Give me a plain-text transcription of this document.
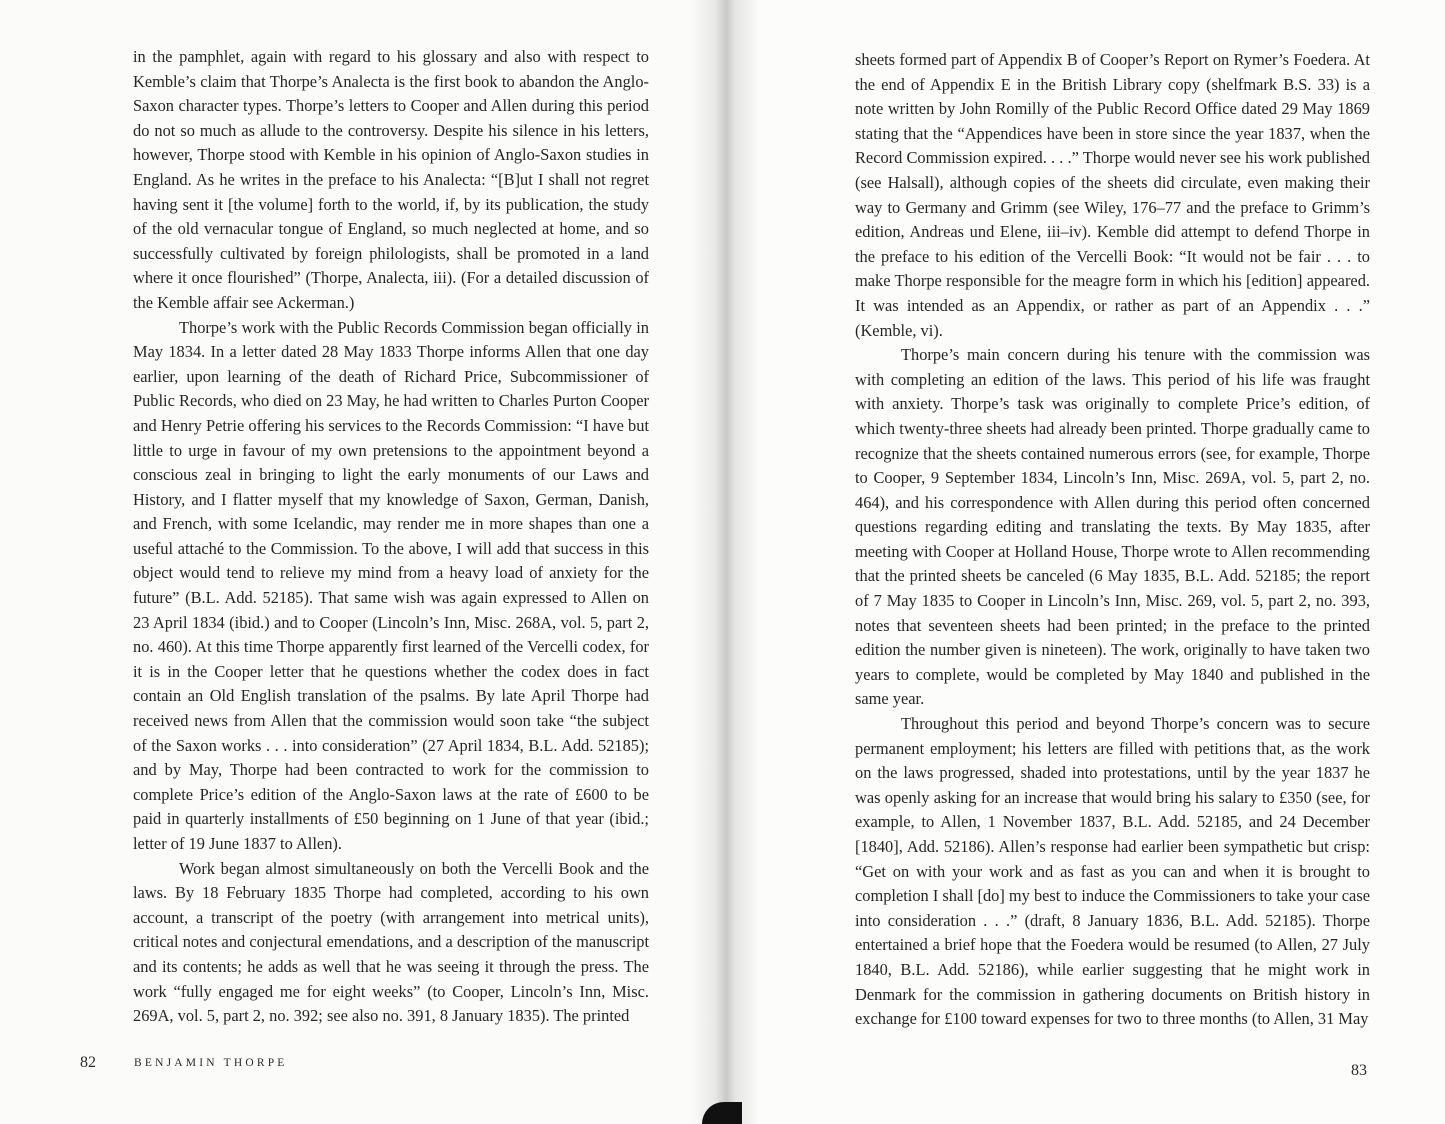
in the pamphlet, again with regard to his glossary and also with respect to Kemble’s claim that Thorpe’s Analecta is the first book to abandon the Anglo-Saxon character types. Thorpe’s letters to Cooper and Allen during this period do not so much as allude to the controversy. Despite his silence in his letters, however, Thorpe stood with Kemble in his opinion of Anglo-Saxon studies in England. As he writes in the preface to his Analecta: “[B]ut I shall not regret having sent it [the volume] forth to the world, if, by its publication, the study of the old vernacular tongue of England, so much neglected at home, and so successfully cultivated by foreign philologists, shall be promoted in a land where it once flourished” (Thorpe, Analecta, iii). (For a detailed discussion of the Kemble affair see Ackerman.)

Thorpe’s work with the Public Records Commission began officially in May 1834. In a letter dated 28 May 1833 Thorpe informs Allen that one day earlier, upon learning of the death of Richard Price, Subcommissioner of Public Records, who died on 23 May, he had written to Charles Purton Cooper and Henry Petrie offering his services to the Records Commission: “I have but little to urge in favour of my own pretensions to the appointment beyond a conscious zeal in bringing to light the early monuments of our Laws and History, and I flatter myself that my knowledge of Saxon, German, Danish, and French, with some Icelandic, may render me in more shapes than one a useful attaché to the Commission. To the above, I will add that success in this object would tend to relieve my mind from a heavy load of anxiety for the future” (B.L. Add. 52185). That same wish was again expressed to Allen on 23 April 1834 (ibid.) and to Cooper (Lincoln’s Inn, Misc. 268A, vol. 5, part 2, no. 460). At this time Thorpe apparently first learned of the Vercelli codex, for it is in the Cooper letter that he questions whether the codex does in fact contain an Old English translation of the psalms. By late April Thorpe had received news from Allen that the commission would soon take “the subject of the Saxon works . . . into consideration” (27 April 1834, B.L. Add. 52185); and by May, Thorpe had been contracted to work for the commission to complete Price’s edition of the Anglo-Saxon laws at the rate of £600 to be paid in quarterly installments of £50 beginning on 1 June of that year (ibid.; letter of 19 June 1837 to Allen).

Work began almost simultaneously on both the Vercelli Book and the laws. By 18 February 1835 Thorpe had completed, according to his own account, a transcript of the poetry (with arrangement into metrical units), critical notes and conjectural emendations, and a description of the manuscript and its contents; he adds as well that he was seeing it through the press. The work “fully engaged me for eight weeks” (to Cooper, Lincoln’s Inn, Misc. 269A, vol. 5, part 2, no. 392; see also no. 391, 8 January 1835). The printed

82	BENJAMIN THORPE

sheets formed part of Appendix B of Cooper’s Report on Rymer’s Foedera. At the end of Appendix E in the British Library copy (shelfmark B.S. 33) is a note written by John Romilly of the Public Record Office dated 29 May 1869 stating that the “Appendices have been in store since the year 1837, when the Record Commission expired. . . .” Thorpe would never see his work published (see Halsall), although copies of the sheets did circulate, even making their way to Germany and Grimm (see Wiley, 176–77 and the preface to Grimm’s edition, Andreas und Elene, iii–iv). Kemble did attempt to defend Thorpe in the preface to his edition of the Vercelli Book: “It would not be fair . . . to make Thorpe responsible for the meagre form in which his [edition] appeared. It was intended as an Appendix, or rather as part of an Appendix . . .” (Kemble, vi).

Thorpe’s main concern during his tenure with the commission was with completing an edition of the laws. This period of his life was fraught with anxiety. Thorpe’s task was originally to complete Price’s edition, of which twenty-three sheets had already been printed. Thorpe gradually came to recognize that the sheets contained numerous errors (see, for example, Thorpe to Cooper, 9 September 1834, Lincoln’s Inn, Misc. 269A, vol. 5, part 2, no. 464), and his correspondence with Allen during this period often concerned questions regarding editing and translating the texts. By May 1835, after meeting with Cooper at Holland House, Thorpe wrote to Allen recommending that the printed sheets be canceled (6 May 1835, B.L. Add. 52185; the report of 7 May 1835 to Cooper in Lincoln’s Inn, Misc. 269, vol. 5, part 2, no. 393, notes that seventeen sheets had been printed; in the preface to the printed edition the number given is nineteen). The work, originally to have taken two years to complete, would be completed by May 1840 and published in the same year.

Throughout this period and beyond Thorpe’s concern was to secure permanent employment; his letters are filled with petitions that, as the work on the laws progressed, shaded into protestations, until by the year 1837 he was openly asking for an increase that would bring his salary to £350 (see, for example, to Allen, 1 November 1837, B.L. Add. 52185, and 24 December [1840], Add. 52186). Allen’s response had earlier been sympathetic but crisp: “Get on with your work and as fast as you can and when it is brought to completion I shall [do] my best to induce the Commissioners to take your case into consideration . . .” (draft, 8 January 1836, B.L. Add. 52185). Thorpe entertained a brief hope that the Foedera would be resumed (to Allen, 27 July 1840, B.L. Add. 52186), while earlier suggesting that he might work in Denmark for the commission in gathering documents on British history in exchange for £100 toward expenses for two to three months (to Allen, 31 May

83
